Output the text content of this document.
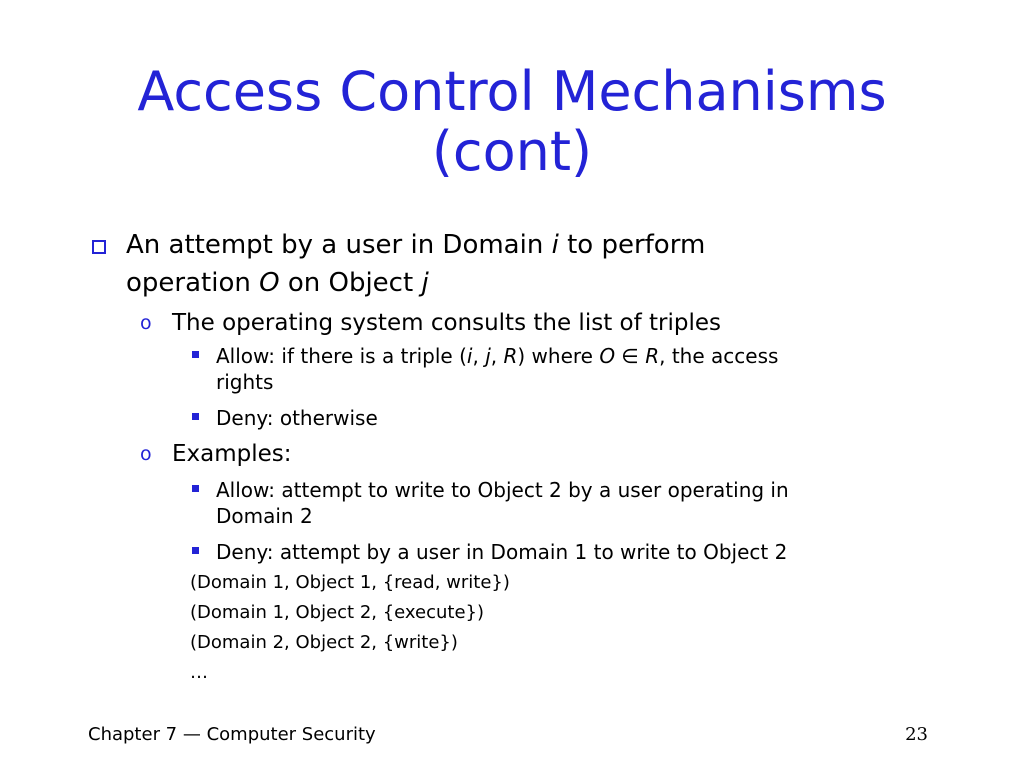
Access Control Mechanisms
(cont)
An attempt by a user in Domain i to perform
operation O on Object j
o The operating system consults the list of triples
Allow: if there is a triple (i, j, R) where O ∈ R, the access
rights
Deny: otherwise
o Examples:
Allow: attempt to write to Object 2 by a user operating in
Domain 2
Deny: attempt by a user in Domain 1 to write to Object 2
(Domain 1, Object 1, {read, write})
(Domain 1, Object 2, {execute})
(Domain 2, Object 2, {write})
…
Chapter 7 — Computer Security	23
